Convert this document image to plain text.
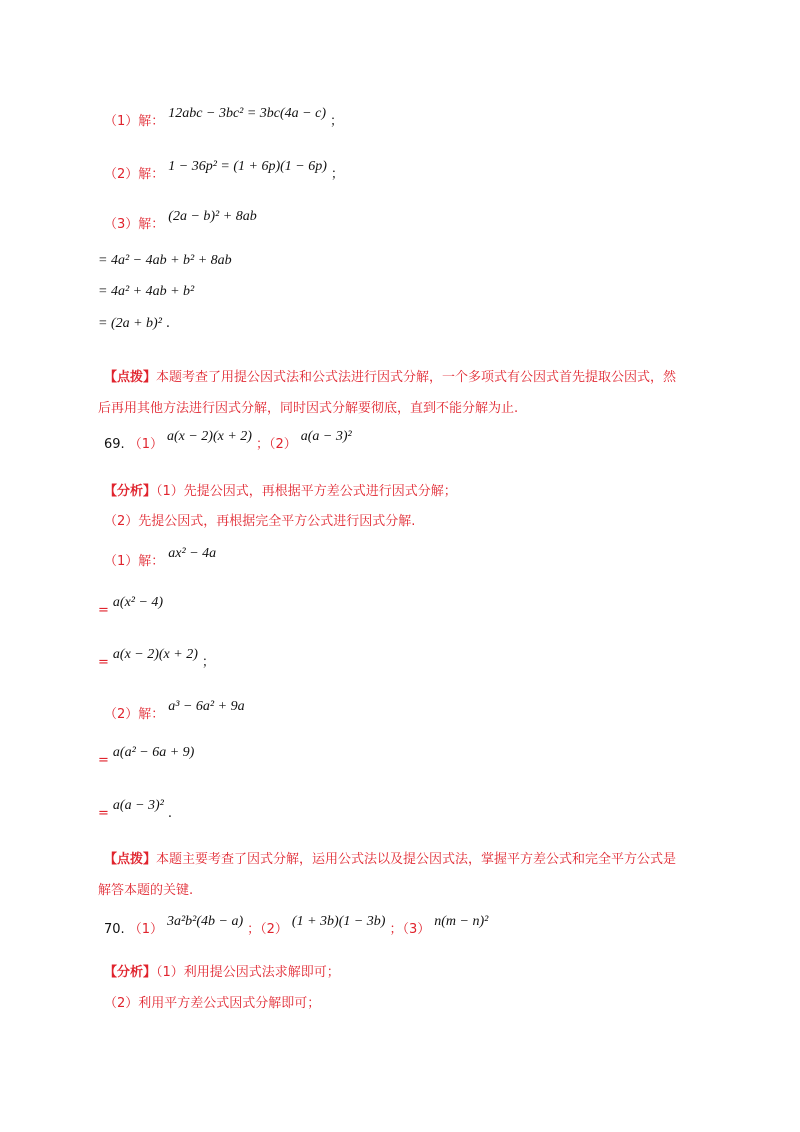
（1）解： 12abc − 3bc² = 3bc(4a − c) ；
（2）解： 1 − 36p² = (1 + 6p)(1 − 6p) ；
（3）解： (2a − b)² + 8ab
= 4a² − 4ab + b² + 8ab
= 4a² + 4ab + b²
= (2a + b)² .
【点拨】本题考查了用提公因式法和公式法进行因式分解，一个多项式有公因式首先提取公因式，然
后再用其他方法进行因式分解，同时因式分解要彻底，直到不能分解为止.
69. （1） a(x − 2)(x + 2) ；（2） a(a − 3)²
【分析】（1）先提公因式，再根据平方差公式进行因式分解；
（2）先提公因式，再根据完全平方公式进行因式分解.
（1）解： ax² − 4a
$_=$ a(x² − 4)
$_=$ a(x − 2)(x + 2) $_;$
（2）解： a³ − 6a² + 9a
$_=$ a(a² − 6a + 9)
$_=$ a(a − 3)² $_.$
【点拨】本题主要考查了因式分解，运用公式法以及提公因式法，掌握平方差公式和完全平方公式是
解答本题的关键.
70. （1） 3a²b²(4b − a) ；（2） (1 + 3b)(1 − 3b) ；（3） n(m − n)²
【分析】（1）利用提公因式法求解即可；
（2）利用平方差公式因式分解即可；
